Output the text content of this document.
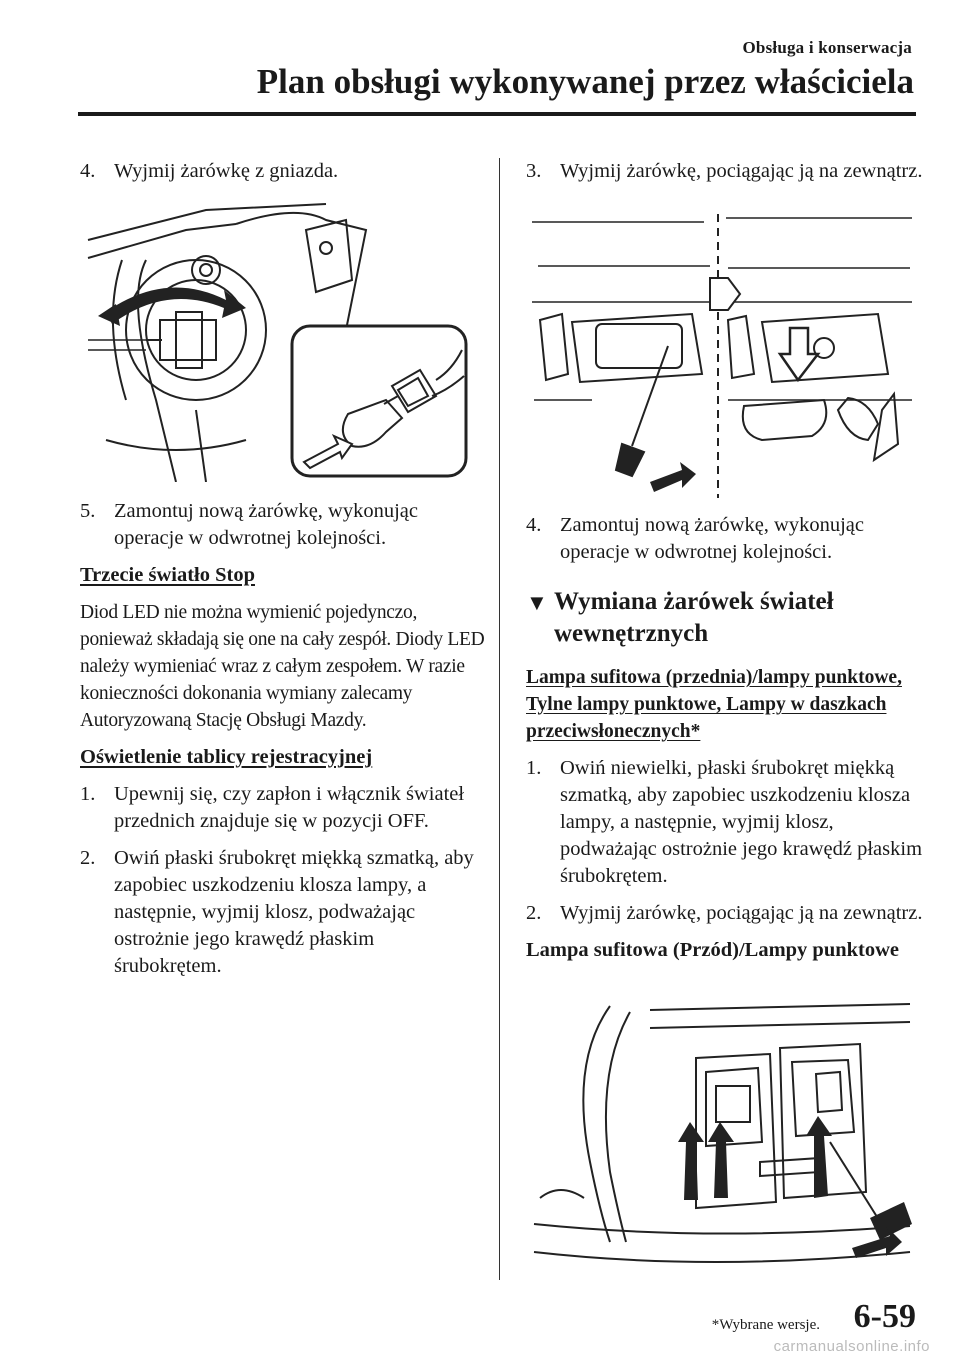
Obsługa i konserwacja
Plan obsługi wykonywanej przez właściciela

4. Wyjmij żarówkę z gniazda.

5. Zamontuj nową żarówkę, wykonując operacje w odwrotnej kolejności.

Trzecie światło Stop

Diod LED nie można wymienić pojedynczo, ponieważ składają się one na cały zespół. Diody LED należy wymieniać wraz z całym zespołem. W razie konieczności dokonania wymiany zalecamy Autoryzowaną Stację Obsługi Mazdy.

Oświetlenie tablicy rejestracyjnej

1. Upewnij się, czy zapłon i włącznik świateł przednich znajduje się w pozycji OFF.

2. Owiń płaski śrubokręt miękką szmatką, aby zapobiec uszkodzeniu klosza lampy, a następnie, wyjmij klosz, podważając ostrożnie jego krawędź płaskim śrubokrętem.

3. Wyjmij żarówkę, pociągając ją na zewnątrz.

4. Zamontuj nową żarówkę, wykonując operacje w odwrotnej kolejności.

▼ Wymiana żarówek świateł wewnętrznych

Lampa sufitowa (przednia)/lampy punktowe, Tylne lampy punktowe, Lampy w daszkach przeciwsłonecznych*

1. Owiń niewielki, płaski śrubokręt miękką szmatką, aby zapobiec uszkodzeniu klosza lampy, a następnie, wyjmij klosz, podważając ostrożnie jego krawędź płaskim śrubokrętem.

2. Wyjmij żarówkę, pociągając ją na zewnątrz.

Lampa sufitowa (Przód)/Lampy punktowe

*Wybrane wersje. 6-59
carmanualsonline.info
